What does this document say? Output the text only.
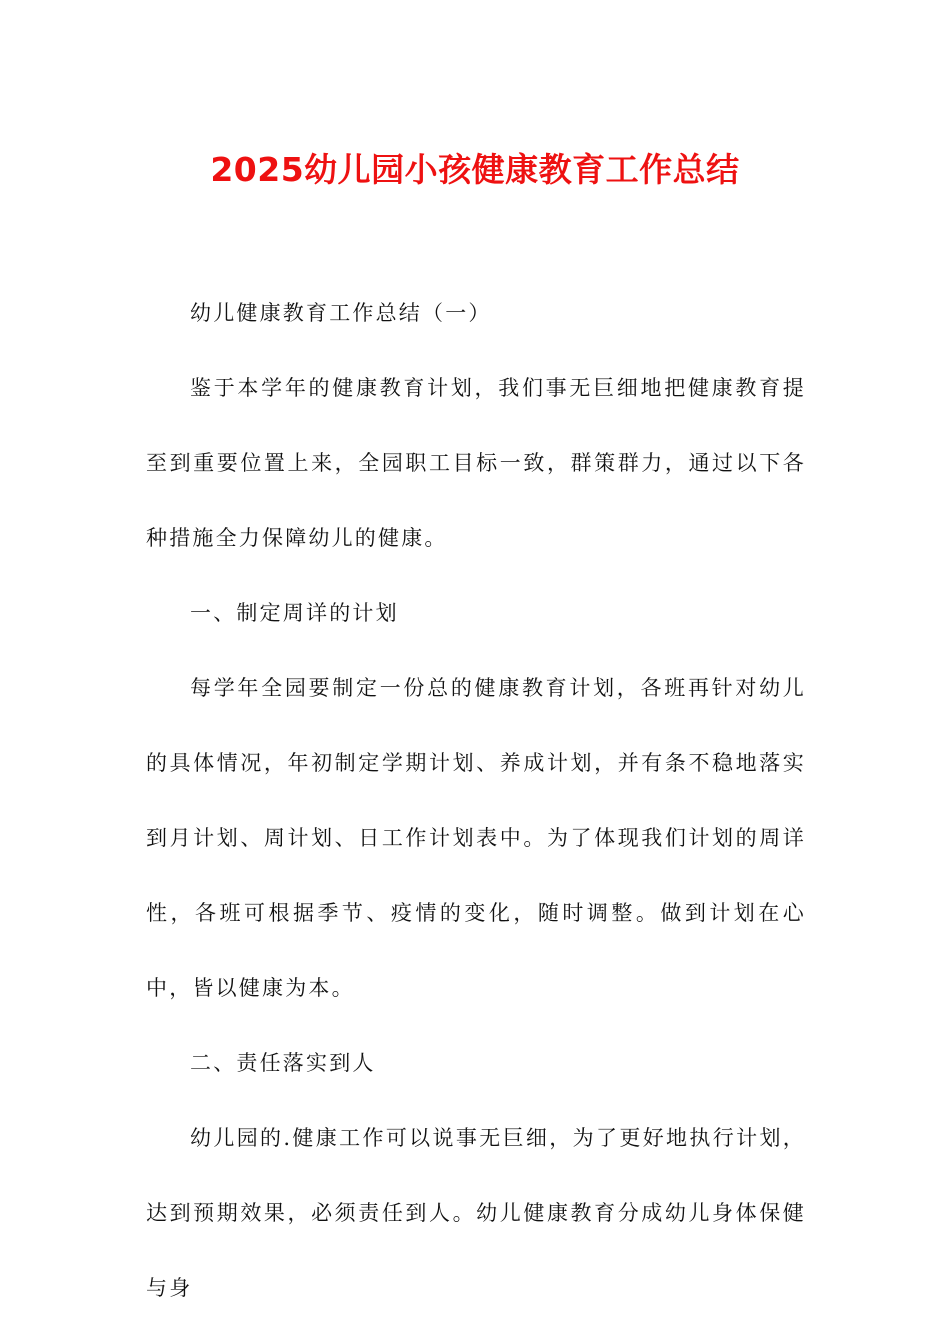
2025幼儿园小孩健康教育工作总结

幼儿健康教育工作总结（一）

鉴于本学年的健康教育计划，我们事无巨细地把健康教育提至到重要位置上来，全园职工目标一致，群策群力，通过以下各种措施全力保障幼儿的健康。

一、制定周详的计划

每学年全园要制定一份总的健康教育计划，各班再针对幼儿的具体情况，年初制定学期计划、养成计划，并有条不稳地落实到月计划、周计划、日工作计划表中。为了体现我们计划的周详性，各班可根据季节、疫情的变化，随时调整。做到计划在心中，皆以健康为本。

二、责任落实到人

幼儿园的.健康工作可以说事无巨细，为了更好地执行计划，达到预期效果，必须责任到人。幼儿健康教育分成幼儿身体保健与身
